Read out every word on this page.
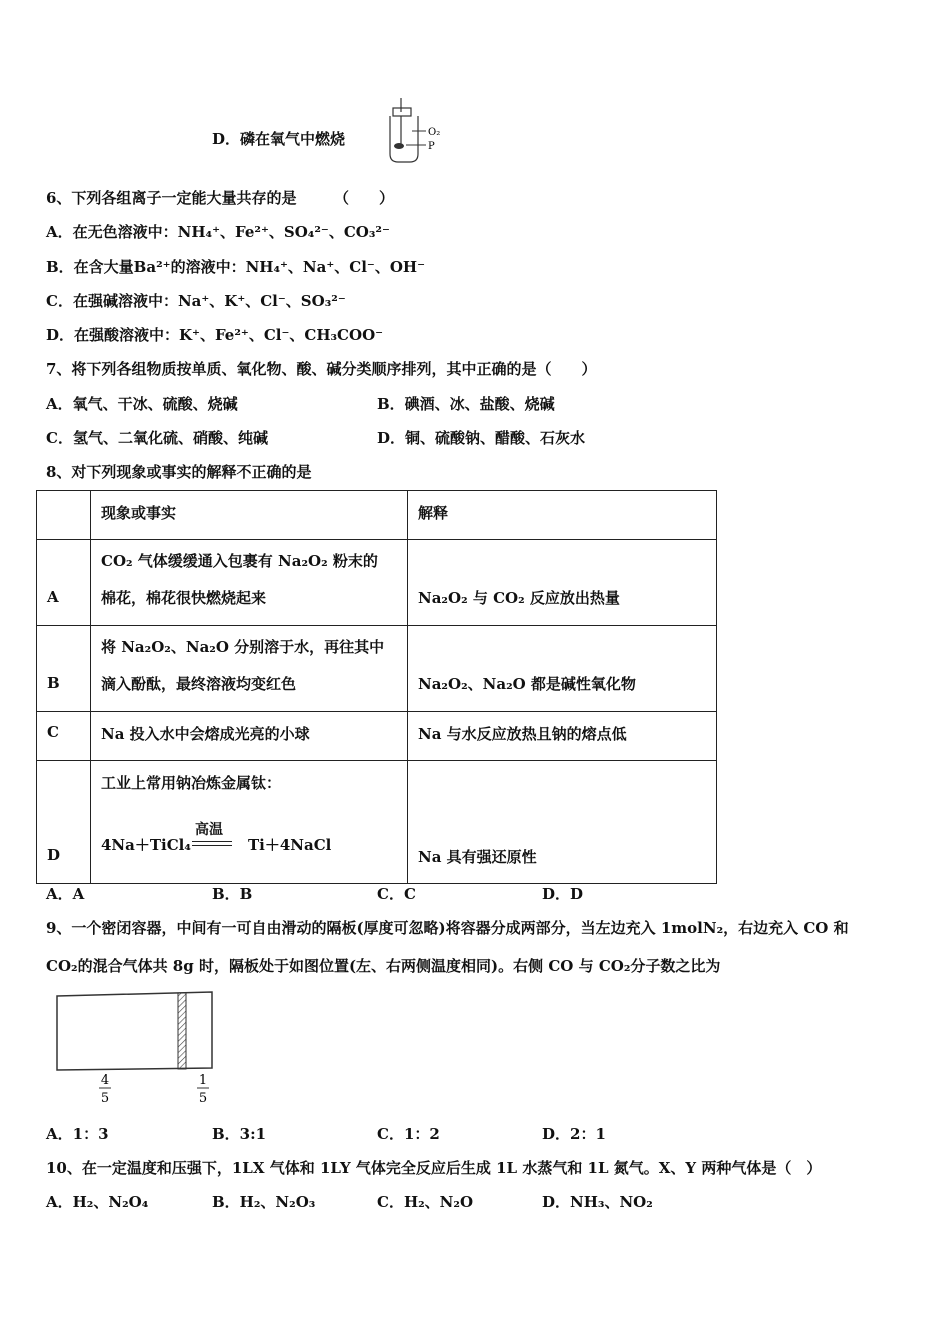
D．磷在氧气中燃烧	O₂
P
6、下列各组离子一定能大量共存的是　　　（　　）
A．在无色溶液中：NH₄⁺、Fe²⁺、SO₄²⁻、CO₃²⁻
B．在含大量Ba²⁺的溶液中：NH₄⁺、Na⁺、Cl⁻、OH⁻
C．在强碱溶液中：Na⁺、K⁺、Cl⁻、SO₃²⁻
D．在强酸溶液中：K⁺、Fe²⁺、Cl⁻、CH₃COO⁻
7、将下列各组物质按单质、氧化物、酸、碱分类顺序排列，其中正确的是（　　）
A．氧气、干冰、硫酸、烧碱	B．碘酒、冰、盐酸、烧碱
C．氢气、二氧化硫、硝酸、纯碱	D．铜、硫酸钠、醋酸、石灰水
8、对下列现象或事实的解释不正确的是

	现象或事实	解释

A	CO₂ 气体缓缓通入包裹有 Na₂O₂ 粉末的
棉花，棉花很快燃烧起来	Na₂O₂ 与 CO₂ 反应放出热量

B	将 Na₂O₂、Na₂O 分别溶于水，再往其中
滴入酚酞，最终溶液均变红色	Na₂O₂、Na₂O 都是碱性氧化物

C	Na 投入水中会熔成光亮的小球	Na 与水反应放热且钠的熔点低

D	工业上常用钠冶炼金属钛：
4Na＋TiCl₄
高温
Ti＋4NaCl	Na 具有强还原性
A．A	B．B	C．C	D．D
9、一个密闭容器，中间有一可自由滑动的隔板(厚度可忽略)将容器分成两部分，当左边充入 1molN₂，右边充入 CO 和
CO₂的混合气体共 8g 时，隔板处于如图位置(左、右两侧温度相同)。右侧 CO 与 CO₂分子数之比为
4
5
1
5
A．1：3	B．3:1	C．1：2	D．2：1
10、在一定温度和压强下，1LX 气体和 1LY 气体完全反应后生成 1L 水蒸气和 1L 氮气。X、Y 两种气体是（　）
A．H₂、N₂O₄	B．H₂、N₂O₃	C．H₂、N₂O	D．NH₃、NO₂
